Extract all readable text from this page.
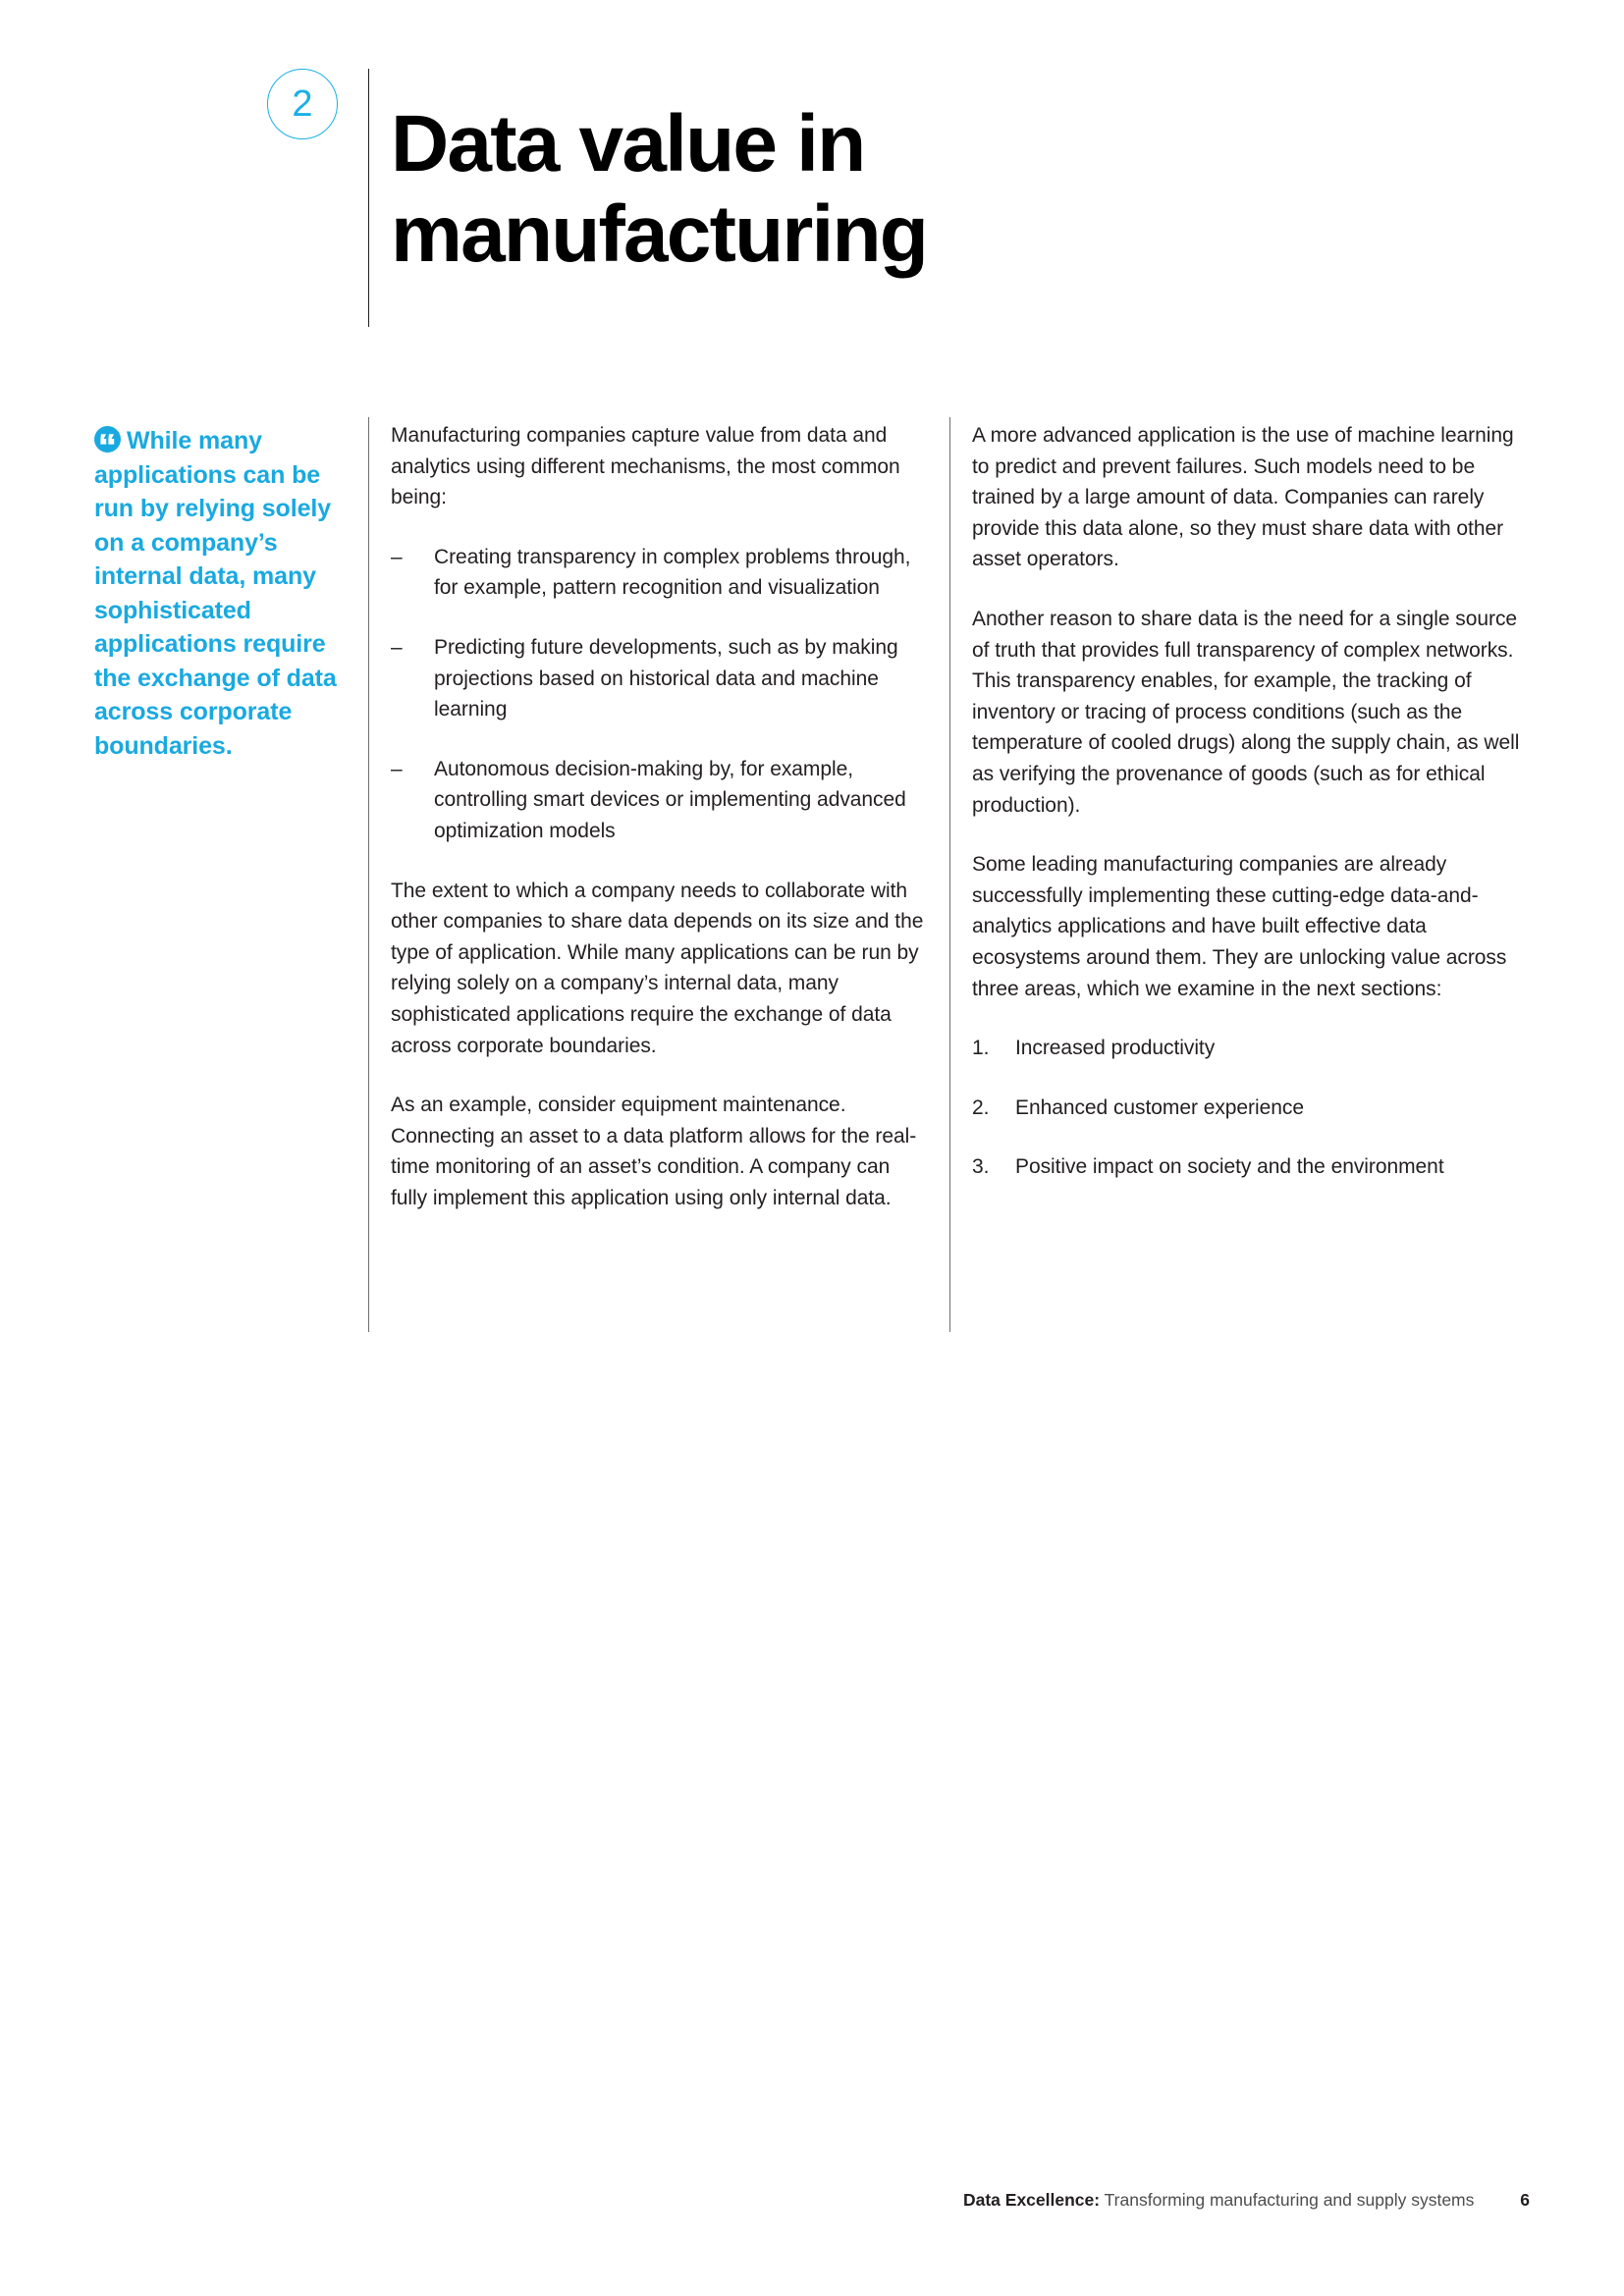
2 Data value in
manufacturing
While many applications can be run by relying solely on a company’s internal data, many sophisticated applications require the exchange of data across corporate boundaries.

Manufacturing companies capture value from data and analytics using different mechanisms, the most common being:

–	Creating transparency in complex problems through, for example, pattern recognition and visualization
–	Predicting future developments, such as by making projections based on historical data and machine learning
–	Autonomous decision-making by, for example, controlling smart devices or implementing advanced optimization models

The extent to which a company needs to collaborate with other companies to share data depends on its size and the type of application. While many applications can be run by relying solely on a company’s internal data, many sophisticated applications require the exchange of data across corporate boundaries.

As an example, consider equipment maintenance. Connecting an asset to a data platform allows for the real-time monitoring of an asset’s condition. A company can fully implement this application using only internal data.

A more advanced application is the use of machine learning to predict and prevent failures. Such models need to be trained by a large amount of data. Companies can rarely provide this data alone, so they must share data with other asset operators.

Another reason to share data is the need for a single source of truth that provides full transparency of complex networks. This transparency enables, for example, the tracking of inventory or tracing of process conditions (such as the temperature of cooled drugs) along the supply chain, as well as verifying the provenance of goods (such as for ethical production).

Some leading manufacturing companies are already successfully implementing these cutting-edge data-and-analytics applications and have built effective data ecosystems around them. They are unlocking value across three areas, which we examine in the next sections:

1.	Increased productivity
2.	Enhanced customer experience
3.	Positive impact on society and the environment
Data Excellence: Transforming manufacturing and supply systems	6
